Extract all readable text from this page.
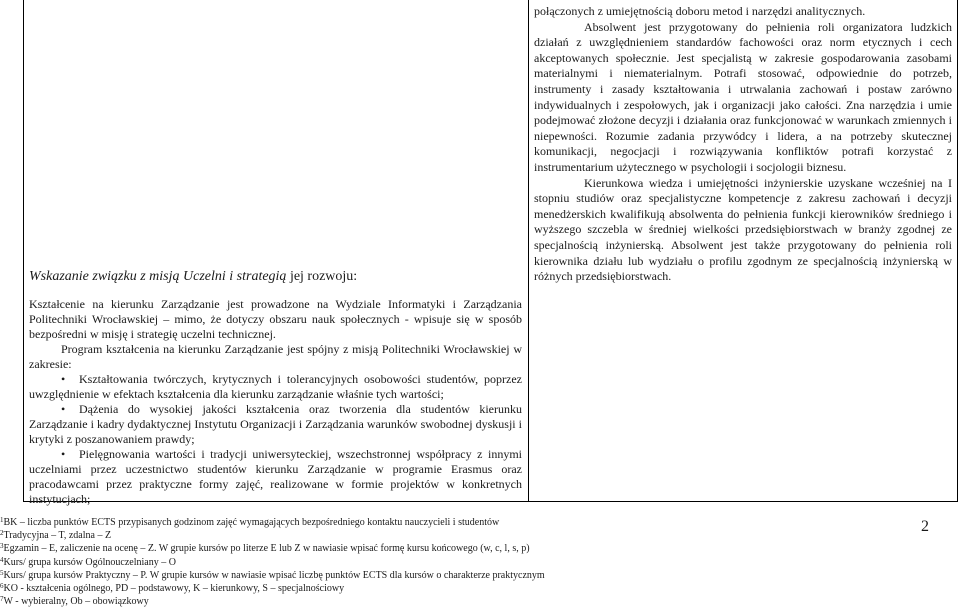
połączonych z umiejętnością doboru metod i narzędzi analitycznych.

Absolwent jest przygotowany do pełnienia roli organizatora ludzkich działań z uwzględnieniem standardów fachowości oraz norm etycznych i cech akceptowanych społecznie. Jest specjalistą w zakresie gospodarowania zasobami materialnymi i niematerialnym. Potrafi stosować, odpowiednie do potrzeb, instrumenty i zasady kształtowania i utrwalania zachowań i postaw zarówno indywidualnych i zespołowych, jak i organizacji jako całości. Zna narzędzia i umie podejmować złożone decyzji i działania oraz funkcjonować w warunkach zmiennych i niepewności. Rozumie zadania przywódcy i lidera, a na potrzeby skutecznej komunikacji, negocjacji i rozwiązywania konfliktów potrafi korzystać z instrumentarium użytecznego w psychologii i socjologii biznesu.

Kierunkowa wiedza i umiejętności inżynierskie uzyskane wcześniej na I stopniu studiów oraz specjalistyczne kompetencje z zakresu zachowań i decyzji menedżerskich kwalifikują absolwenta do pełnienia funkcji kierowników średniego i wyższego szczebla w średniej wielkości przedsiębiorstwach w branży zgodnej ze specjalnością inżynierską. Absolwent jest także przygotowany do pełnienia roli kierownika działu lub wydziału o profilu zgodnym ze specjalnością inżynierską w różnych przedsiębiorstwach.

Wskazanie związku z misją Uczelni i strategią jej rozwoju:

Kształcenie na kierunku Zarządzanie jest prowadzone na Wydziale Informatyki i Zarządzania Politechniki Wrocławskiej – mimo, że dotyczy obszaru nauk społecznych - wpisuje się w sposób bezpośredni w misję i strategię uczelni technicznej.

Program kształcenia na kierunku Zarządzanie jest spójny z misją Politechniki Wrocławskiej w zakresie:

• Kształtowania twórczych, krytycznych i tolerancyjnych osobowości studentów, poprzez uwzględnienie w efektach kształcenia dla kierunku zarządzanie właśnie tych wartości;

• Dążenia do wysokiej jakości kształcenia oraz tworzenia dla studentów kierunku Zarządzanie i kadry dydaktycznej Instytutu Organizacji i Zarządzania warunków swobodnej dyskusji i krytyki z poszanowaniem prawdy;

• Pielęgnowania wartości i tradycji uniwersyteckiej, wszechstronnej współpracy z innymi uczelniami przez uczestnictwo studentów kierunku Zarządzanie w programie Erasmus oraz pracodawcami przez praktyczne formy zajęć, realizowane w formie projektów w konkretnych instytucjach;

$^1$BK – liczba punktów ECTS przypisanych godzinom zajęć wymagających bezpośredniego kontaktu nauczycieli i studentów
$^2$Tradycyjna – T, zdalna – Z
$^3$Egzamin – E, zaliczenie na ocenę – Z. W grupie kursów po literze E lub Z w nawiasie wpisać formę kursu końcowego (w, c, l, s, p)
$^4$Kurs/ grupa kursów Ogólnouczelniany – O
$^5$Kurs/ grupa kursów Praktyczny – P. W grupie kursów w nawiasie wpisać liczbę punktów ECTS dla kursów o charakterze praktycznym
$^6$KO - kształcenia ogólnego, PD – podstawowy, K – kierunkowy, S – specjalnościowy
$^7$W - wybieralny, Ob – obowiązkowy
2
